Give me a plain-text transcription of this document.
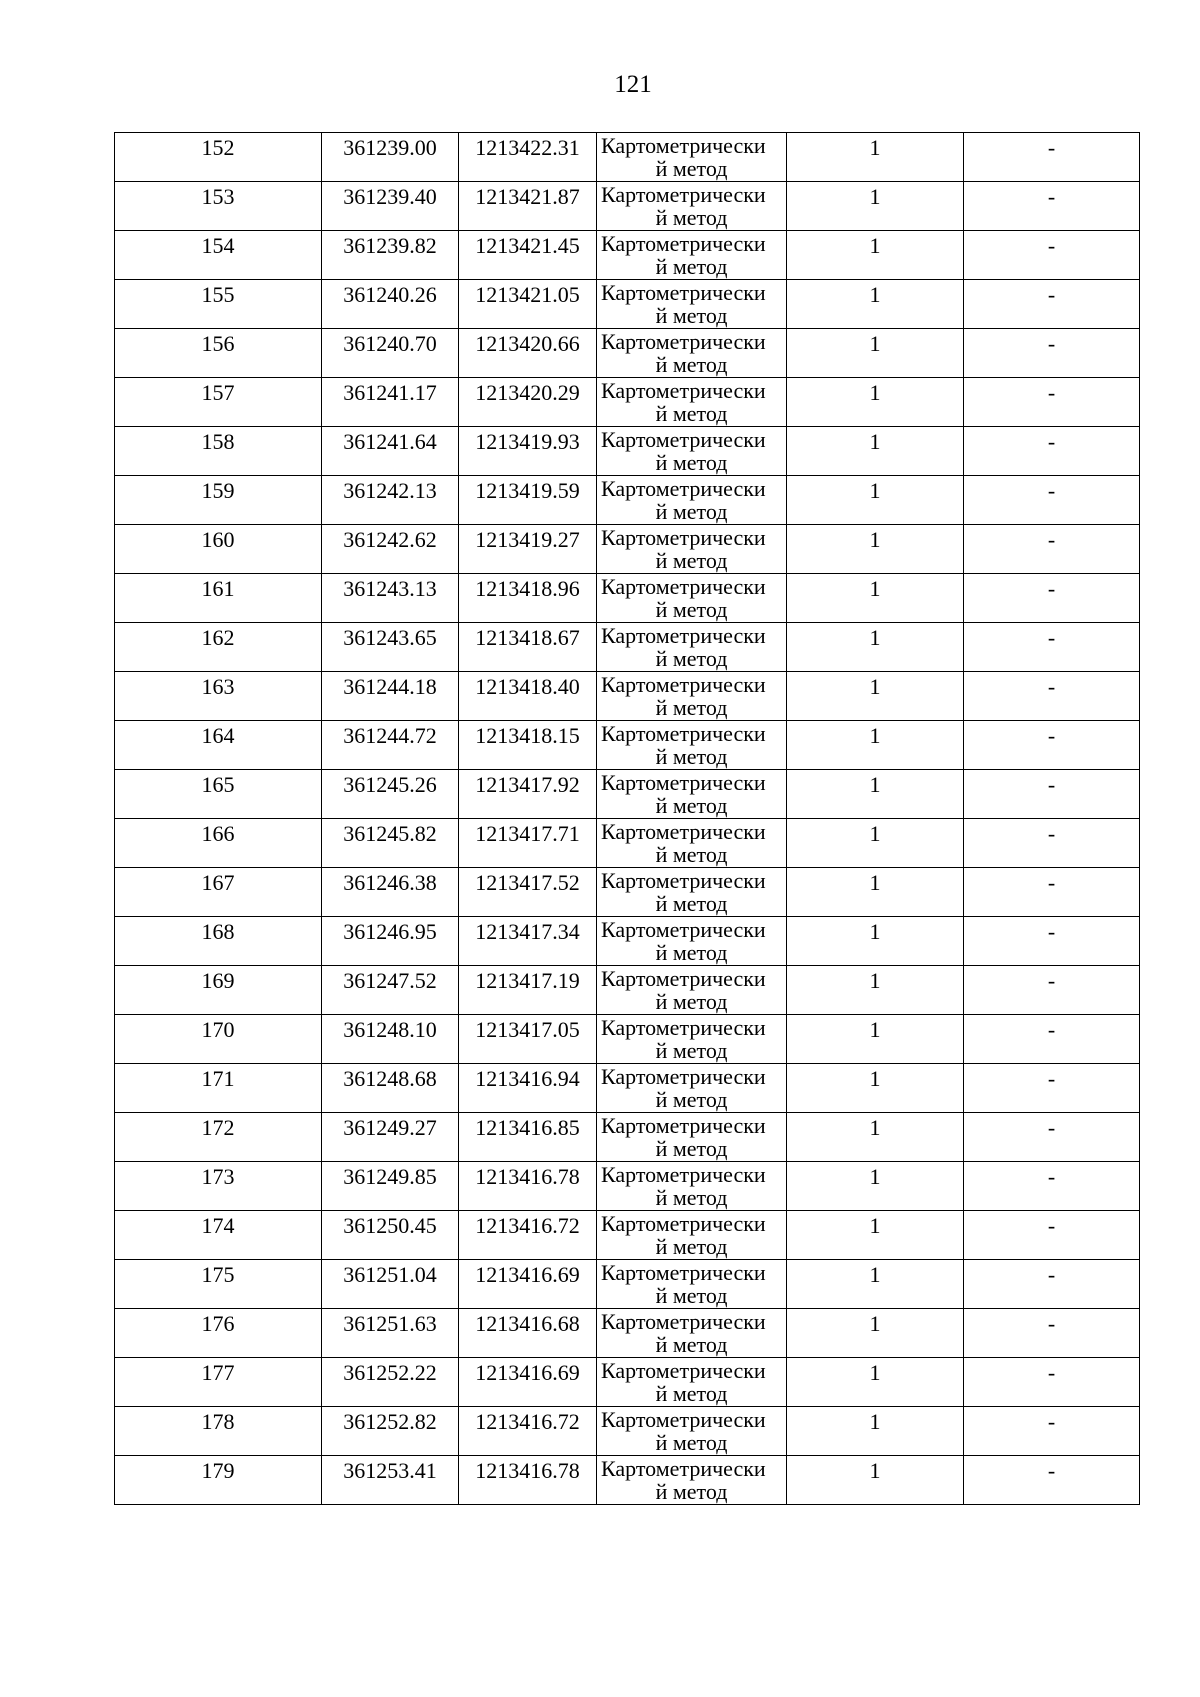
121
152	361239.00	1213422.31	Картометрически
й метод	1	-

153	361239.40	1213421.87	Картометрически
й метод	1	-

154	361239.82	1213421.45	Картометрически
й метод	1	-

155	361240.26	1213421.05	Картометрически
й метод	1	-

156	361240.70	1213420.66	Картометрически
й метод	1	-

157	361241.17	1213420.29	Картометрически
й метод	1	-

158	361241.64	1213419.93	Картометрически
й метод	1	-

159	361242.13	1213419.59	Картометрически
й метод	1	-

160	361242.62	1213419.27	Картометрически
й метод	1	-

161	361243.13	1213418.96	Картометрически
й метод	1	-

162	361243.65	1213418.67	Картометрически
й метод	1	-

163	361244.18	1213418.40	Картометрически
й метод	1	-

164	361244.72	1213418.15	Картометрически
й метод	1	-

165	361245.26	1213417.92	Картометрически
й метод	1	-

166	361245.82	1213417.71	Картометрически
й метод	1	-

167	361246.38	1213417.52	Картометрически
й метод	1	-

168	361246.95	1213417.34	Картометрически
й метод	1	-

169	361247.52	1213417.19	Картометрически
й метод	1	-

170	361248.10	1213417.05	Картометрически
й метод	1	-

171	361248.68	1213416.94	Картометрически
й метод	1	-

172	361249.27	1213416.85	Картометрически
й метод	1	-

173	361249.85	1213416.78	Картометрически
й метод	1	-

174	361250.45	1213416.72	Картометрически
й метод	1	-

175	361251.04	1213416.69	Картометрически
й метод	1	-

176	361251.63	1213416.68	Картометрически
й метод	1	-

177	361252.22	1213416.69	Картометрически
й метод	1	-

178	361252.82	1213416.72	Картометрически
й метод	1	-

179	361253.41	1213416.78	Картометрически
й метод	1	-
